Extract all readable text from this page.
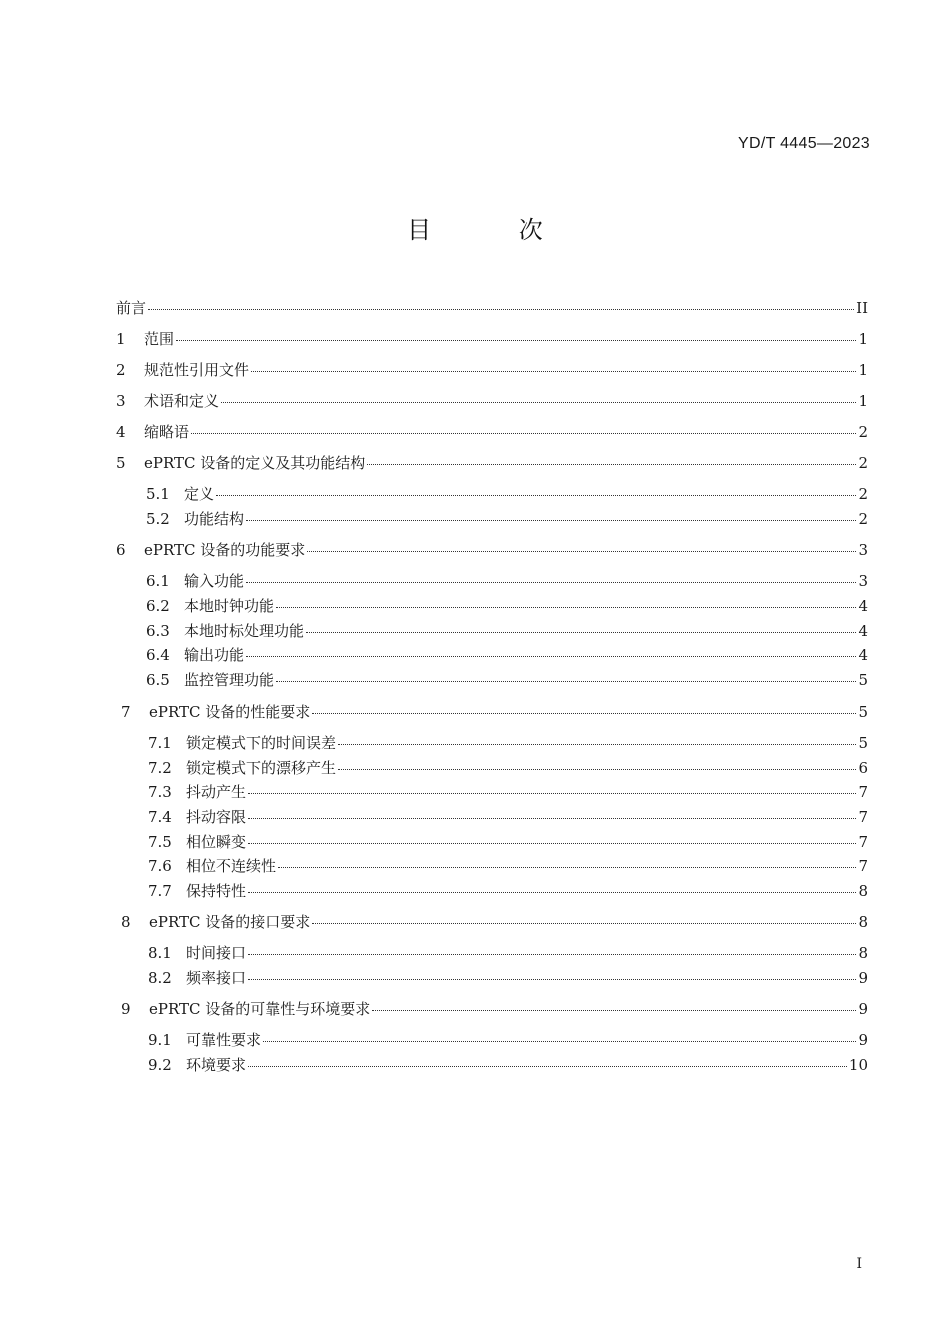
YD/T 4445—2023
目 次
前言	II
1	范围	1
2	规范性引用文件	1
3	术语和定义	1
4	缩略语	2
5	ePRTC 设备的定义及其功能结构	2
5.1 定义	2
5.2 功能结构	2
6	ePRTC 设备的功能要求	3
6.1 输入功能	3
6.2 本地时钟功能	4
6.3 本地时标处理功能	4
6.4 输出功能	4
6.5 监控管理功能	5
7	ePRTC 设备的性能要求	5
7.1 锁定模式下的时间误差	5
7.2 锁定模式下的漂移产生	6
7.3 抖动产生	7
7.4 抖动容限	7
7.5 相位瞬变	7
7.6 相位不连续性	7
7.7 保持特性	8
8	ePRTC 设备的接口要求	8
8.1 时间接口	8
8.2 频率接口	9
9	ePRTC 设备的可靠性与环境要求	9
9.1 可靠性要求	9
9.2 环境要求	10
I
